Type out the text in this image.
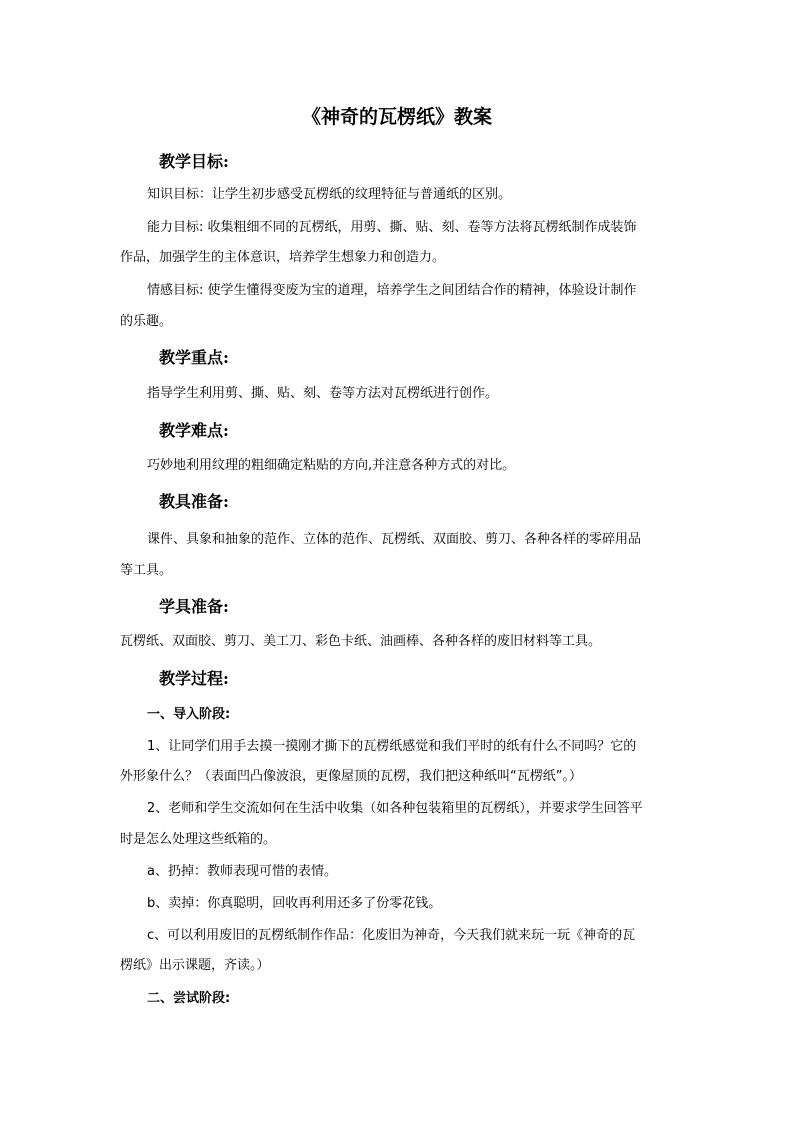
《神奇的瓦楞纸》教案
教学目标:
知识目标：让学生初步感受瓦楞纸的纹理特征与普通纸的区别。
能力目标: 收集粗细不同的瓦楞纸，用剪、撕、贴、刻、卷等方法将瓦楞纸制作成装饰
作品，加强学生的主体意识，培养学生想象力和创造力。
情感目标: 使学生懂得变废为宝的道理，培养学生之间团结合作的精神，体验设计制作
的乐趣。
教学重点:
指导学生利用剪、撕、贴、刻、卷等方法对瓦楞纸进行创作。
教学难点:
巧妙地利用纹理的粗细确定粘贴的方向,并注意各种方式的对比。
教具准备:
课件、具象和抽象的范作、立体的范作、瓦楞纸、双面胶、剪刀、各种各样的零碎用品
等工具。
学具准备:
瓦楞纸、双面胶、剪刀、美工刀、彩色卡纸、油画棒、各种各样的废旧材料等工具。
教学过程:
一、导入阶段:
1、让同学们用手去摸一摸刚才撕下的瓦楞纸感觉和我们平时的纸有什么不同吗？它的
外形象什么？（表面凹凸像波浪，更像屋顶的瓦楞，我们把这种纸叫“瓦楞纸”。）
2、老师和学生交流如何在生活中收集（如各种包装箱里的瓦楞纸），并要求学生回答平
时是怎么处理这些纸箱的。
a、扔掉：教师表现可惜的表情。
b、卖掉：你真聪明，回收再利用还多了份零花钱。
c、可以利用废旧的瓦楞纸制作作品：化废旧为神奇，今天我们就来玩一玩《神奇的瓦
楞纸》出示课题，齐读。）
二、尝试阶段:
